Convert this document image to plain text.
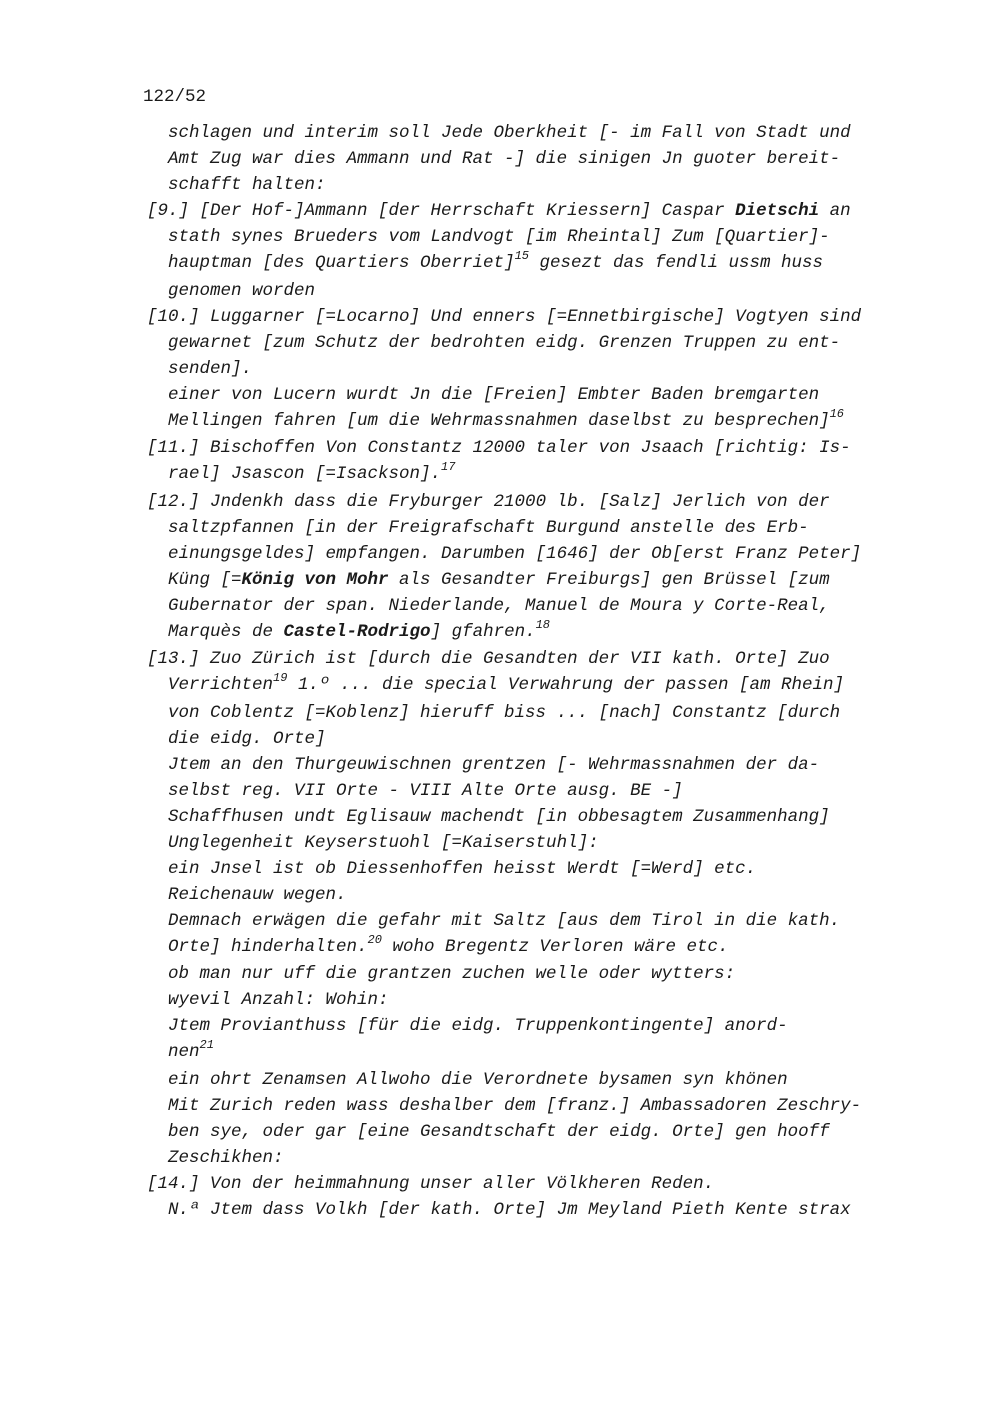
122/52
schlagen und interim soll Jede Oberkheit [- im Fall von Stadt und
Amt Zug war dies Ammann und Rat -] die sinigen Jn guoter bereit-
schafft halten:
[9.] [Der Hof-]Ammann [der Herrschaft Kriessern] Caspar Dietschi an
stath synes Brueders vom Landvogt [im Rheintal] Zum [Quartier]-
hauptman [des Quartiers Oberriet]$^{15}$ gesezt das fendli ussm huss
genomen worden
[10.] Luggarner [=Locarno] Und enners [=Ennetbirgische] Vogtyen sind
gewarnet [zum Schutz der bedrohten eidg. Grenzen Truppen zu ent-
senden].
einer von Lucern wurdt Jn die [Freien] Embter Baden bremgarten
Mellingen fahren [um die Wehrmassnahmen daselbst zu besprechen]$^{16}$
[11.] Bischoffen Von Constantz 12000 taler von Jsaach [richtig: Is-
rael] Jsascon [=Isackson].$^{17}$
[12.] Jndenkh dass die Fryburger 21000 lb. [Salz] Jerlich von der
saltzpfannen [in der Freigrafschaft Burgund anstelle des Erb-
einungsgeldes] empfangen. Darumben [1646] der Ob[erst Franz Peter]
Küng [=König von Mohr als Gesandter Freiburgs] gen Brüssel [zum
Gubernator der span. Niederlande, Manuel de Moura y Corte-Real,
Marquès de Castel-Rodrigo] gfahren.$^{18}$
[13.] Zuo Zürich ist [durch die Gesandten der VII kath. Orte] Zuo
Verrichten$^{19}$ 1.º ... die special Verwahrung der passen [am Rhein]
von Coblentz [=Koblenz] hieruff biss ... [nach] Constantz [durch
die eidg. Orte]
Jtem an den Thurgeuwischnen grentzen [- Wehrmassnahmen der da-
selbst reg. VII Orte - VIII Alte Orte ausg. BE -]
Schaffhusen undt Eglisauw machendt [in obbesagtem Zusammenhang]
Unglegenheit Keyserstuohl [=Kaiserstuhl]:
ein Jnsel ist ob Diessenhoffen heisst Werdt [=Werd] etc.
Reichenauw wegen.
Demnach erwägen die gefahr mit Saltz [aus dem Tirol in die kath.
Orte] hinderhalten.$^{20}$ woho Bregentz Verloren wäre etc.
ob man nur uff die grantzen zuchen welle oder wytters:
wyevil Anzahl: Wohin:
Jtem Provianthuss [für die eidg. Truppenkontingente] anord-
nen$^{21}$
ein ohrt Zenamsen Allwoho die Verordnete bysamen syn khönen
Mit Zurich reden wass deshalber dem [franz.] Ambassadoren Zeschry-
ben sye, oder gar [eine Gesandtschaft der eidg. Orte] gen hooff
Zeschikhen:
[14.] Von der heimmahnung unser aller Völkheren Reden.
N.ª Jtem dass Volkh [der kath. Orte] Jm Meyland Pieth Kente strax
